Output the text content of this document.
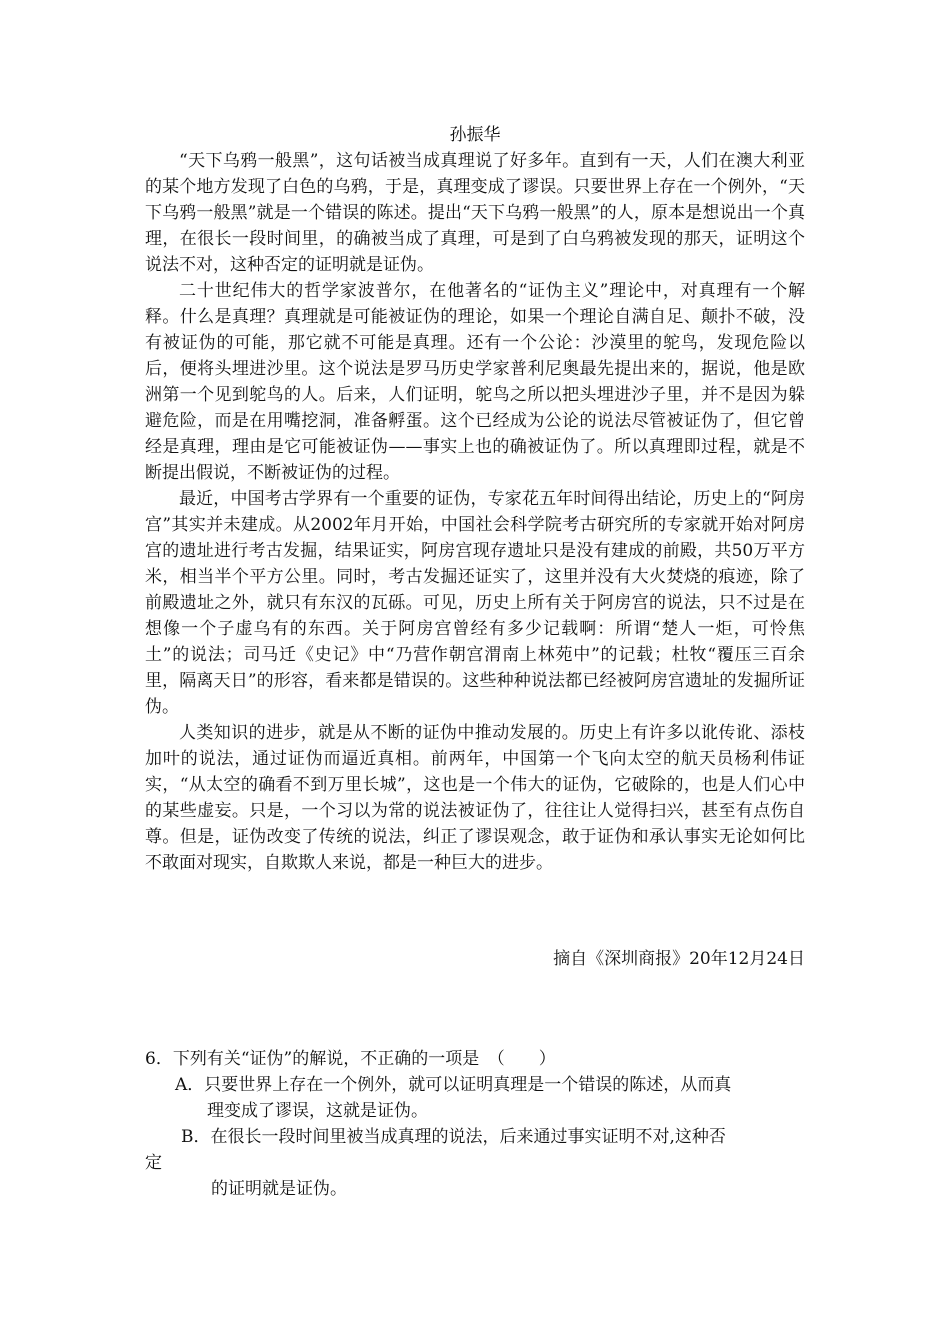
孙振华

“天下乌鸦一般黑”，这句话被当成真理说了好多年。直到有一天，人们在澳大利亚的某个地方发现了白色的乌鸦，于是，真理变成了谬误。只要世界上存在一个例外，“天下乌鸦一般黑”就是一个错误的陈述。提出“天下乌鸦一般黑”的人，原本是想说出一个真理，在很长一段时间里，的确被当成了真理，可是到了白乌鸦被发现的那天，证明这个说法不对，这种否定的证明就是证伪。

二十世纪伟大的哲学家波普尔，在他著名的“证伪主义”理论中，对真理有一个解释。什么是真理？真理就是可能被证伪的理论，如果一个理论自满自足、颠扑不破，没有被证伪的可能，那它就不可能是真理。还有一个公论：沙漠里的鸵鸟，发现危险以后，便将头埋进沙里。这个说法是罗马历史学家普利尼奥最先提出来的，据说，他是欧洲第一个见到鸵鸟的人。后来，人们证明，鸵鸟之所以把头埋进沙子里，并不是因为躲避危险，而是在用嘴挖洞，准备孵蛋。这个已经成为公论的说法尽管被证伪了，但它曾经是真理，理由是它可能被证伪——事实上也的确被证伪了。所以真理即过程，就是不断提出假说，不断被证伪的过程。

最近，中国考古学界有一个重要的证伪，专家花五年时间得出结论，历史上的“阿房宫”其实并未建成。从2002年月开始，中国社会科学院考古研究所的专家就开始对阿房宫的遗址进行考古发掘，结果证实，阿房宫现存遗址只是没有建成的前殿，共50万平方米，相当半个平方公里。同时，考古发掘还证实了，这里并没有大火焚烧的痕迹，除了前殿遗址之外，就只有东汉的瓦砾。可见，历史上所有关于阿房宫的说法，只不过是在想像一个子虚乌有的东西。关于阿房宫曾经有多少记载啊：所谓“楚人一炬，可怜焦土”的说法；司马迁《史记》中“乃营作朝宫渭南上林苑中”的记载；杜牧“覆压三百余里，隔离天日”的形容，看来都是错误的。这些种种说法都已经被阿房宫遗址的发掘所证伪。

人类知识的进步，就是从不断的证伪中推动发展的。历史上有许多以讹传讹、添枝加叶的说法，通过证伪而逼近真相。前两年，中国第一个飞向太空的航天员杨利伟证实，“从太空的确看不到万里长城”，这也是一个伟大的证伪，它破除的，也是人们心中的某些虚妄。只是，一个习以为常的说法被证伪了，往往让人觉得扫兴，甚至有点伤自尊。但是，证伪改变了传统的说法，纠正了谬误观念，敢于证伪和承认事实无论如何比不敢面对现实，自欺欺人来说，都是一种巨大的进步。

摘自《深圳商报》20年12月24日

6．下列有关“证伪”的解说，不正确的一项是　（　　）

A．只要世界上存在一个例外，就可以证明真理是一个错误的陈述，从而真

理变成了谬误，这就是证伪。

B．在很长一段时间里被当成真理的说法，后来通过事实证明不对,这种否

定

的证明就是证伪。
